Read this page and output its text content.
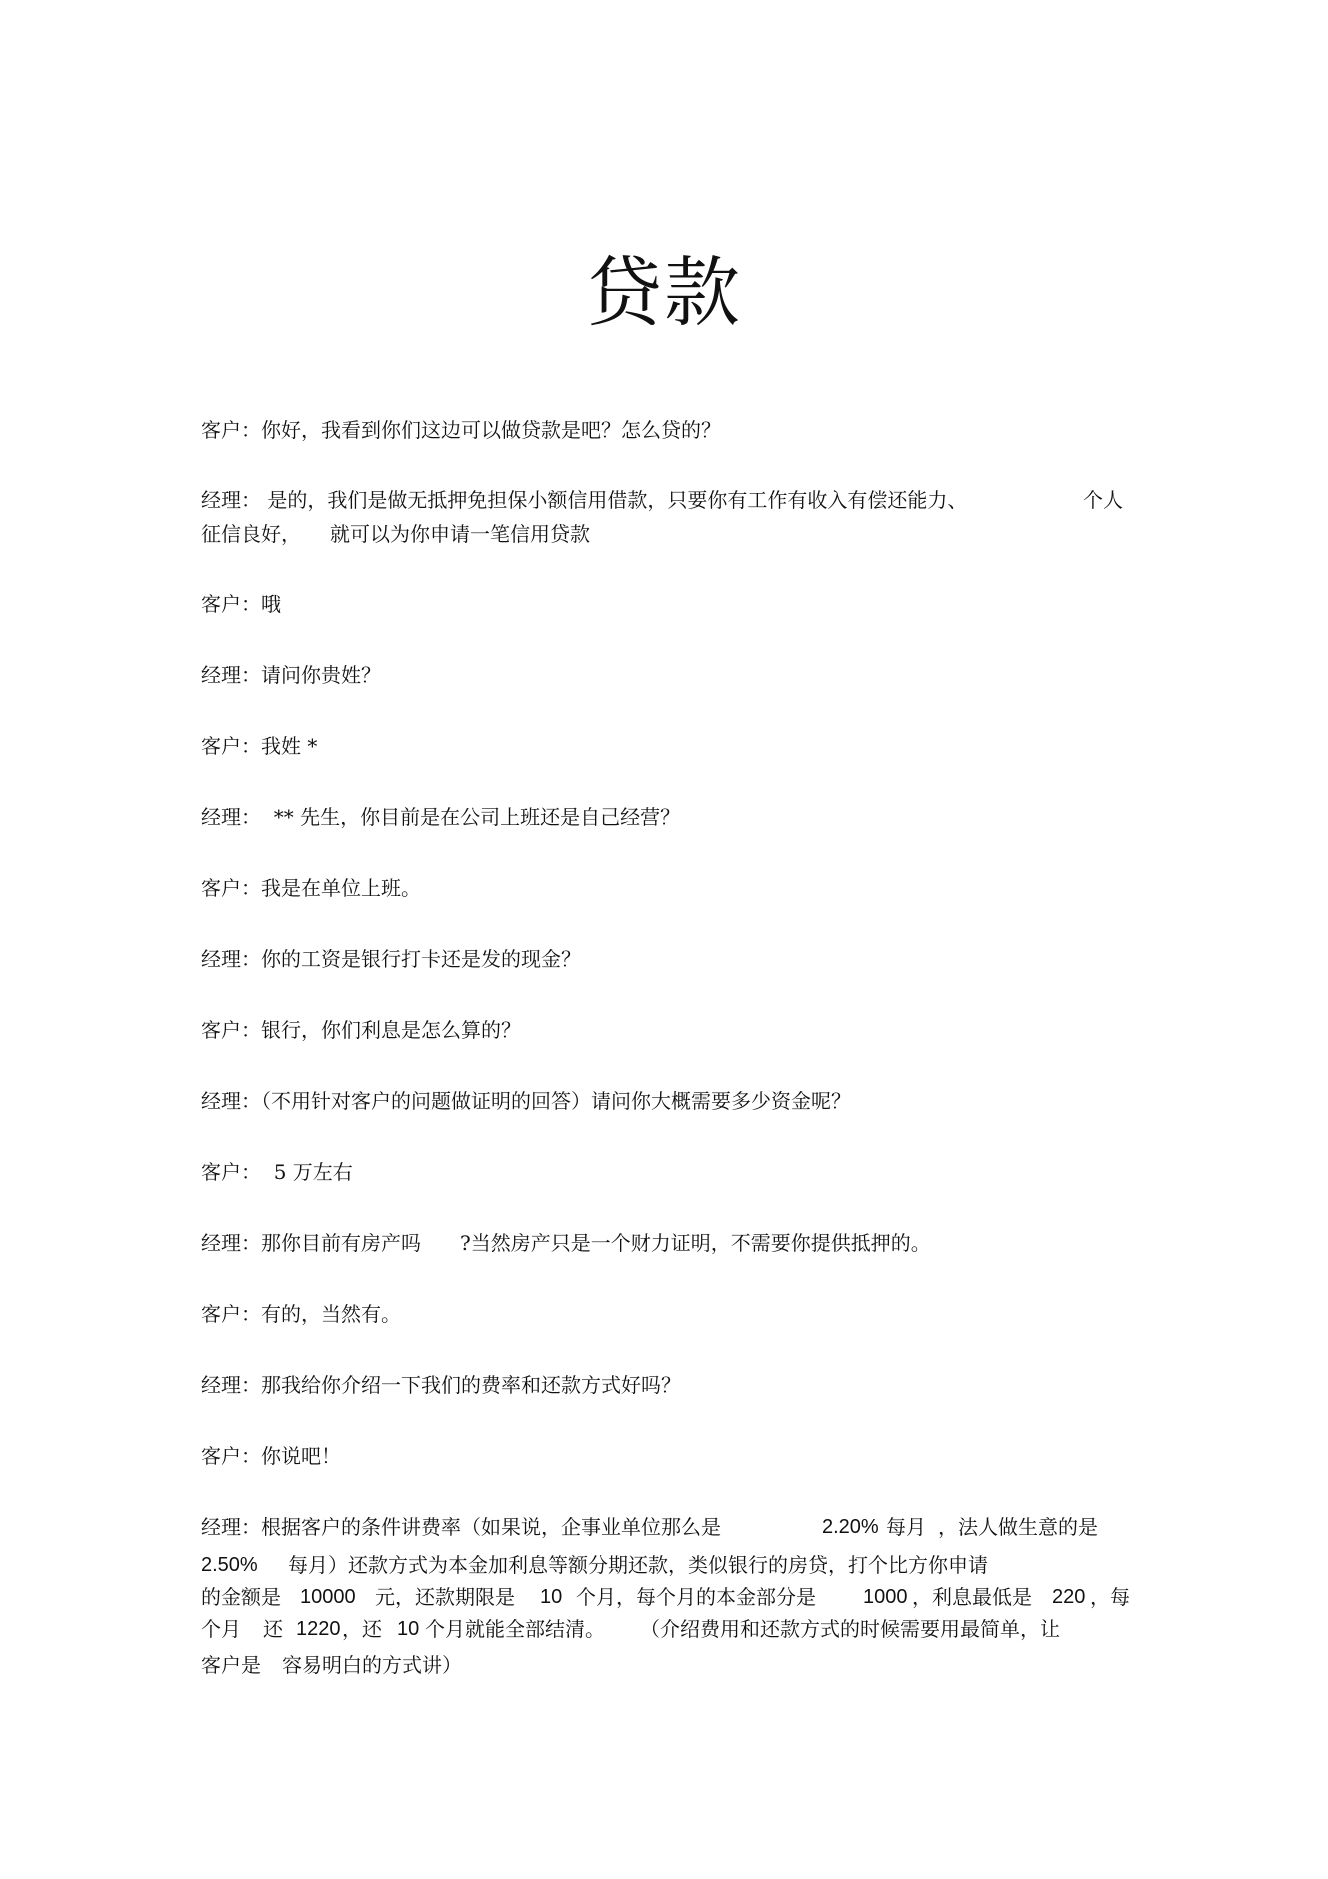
贷款

客户：你好，我看到你们这边可以做贷款是吧？怎么贷的？

经理： 是的，我们是做无抵押免担保小额信用借款，只要你有工作有收入有偿还能力、	个人

征信良好， 就可以为你申请一笔信用贷款

客户：哦

经理：请问你贵姓？

客户：我姓 *

经理：  ** 先生，你目前是在公司上班还是自己经营？

客户：我是在单位上班。

经理：你的工资是银行打卡还是发的现金？

客户：银行，你们利息是怎么算的？

经理：（不用针对客户的问题做证明的回答）请问你大概需要多少资金呢？

客户：  5 万左右

经理：那你目前有房产吗 ?当然房产只是一个财力证明，不需要你提供抵押的。

客户：有的，当然有。

经理：那我给你介绍一下我们的费率和还款方式好吗？

客户：你说吧！

经理：根据客户的条件讲费率（如果说，企事业单位那么是	2.20% 每月 ，法人做生意的是

2.50% 每月）还款方式为本金加利息等额分期还款，类似银行的房贷，打个比方你申请

的金额是 10000 元，还款期限是 10 个月，每个月的本金部分是 1000 ，利息最低是 220 ，每

个月 还 1220 ，还 10 个月就能全部结清。 （介绍费用和还款方式的时候需要用最简单，让

客户是 容易明白的方式讲）
